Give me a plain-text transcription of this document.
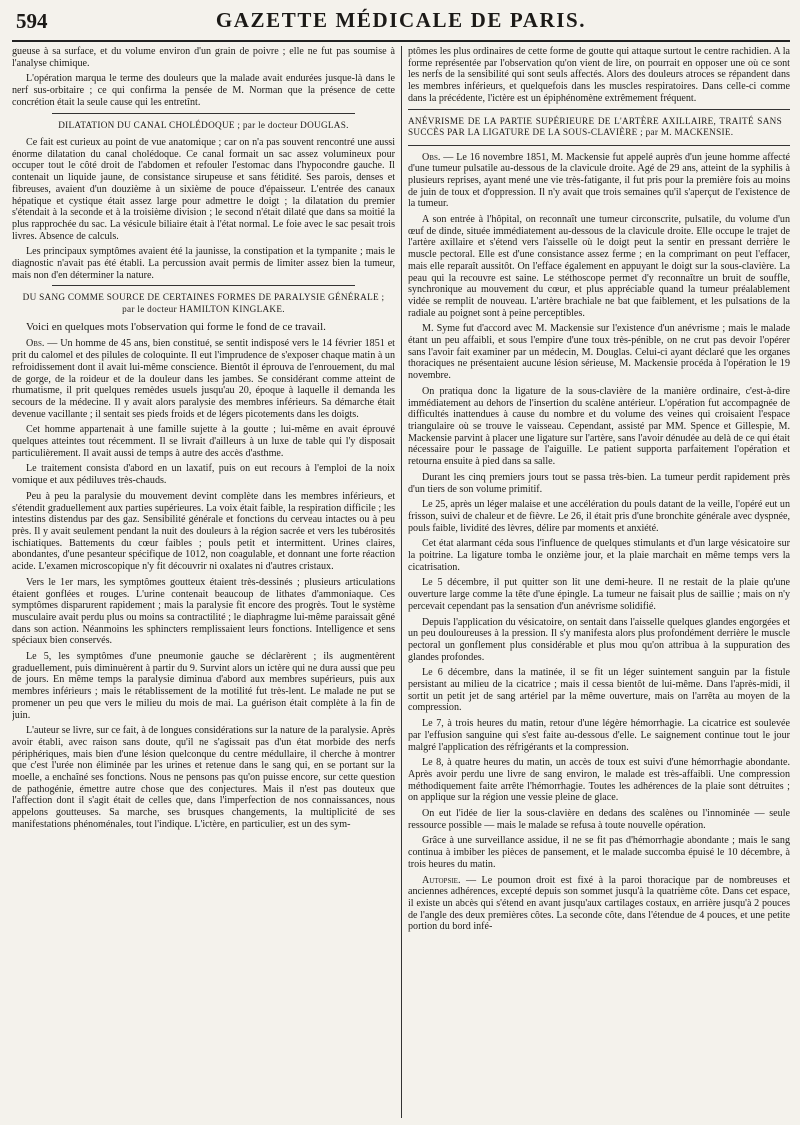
594	GAZETTE MÉDICALE DE PARIS.

gueuse à sa surface, et du volume environ d'un grain de poivre ; elle ne fut pas soumise à l'analyse chimique.

L'opération marqua le terme des douleurs que la malade avait endurées jusque-là dans le nerf sus-orbitaire ; ce qui confirma la pensée de M. Norman que la présence de cette concrétion était la seule cause qui les entretînt.

DILATATION DU CANAL CHOLÉDOQUE ; par le docteur DOUGLAS.

Ce fait est curieux au point de vue anatomique ; car on n'a pas souvent rencontré une aussi énorme dilatation du canal cholédoque. Ce canal formait un sac assez volumineux pour occuper tout le côté droit de l'abdomen et refouler l'estomac dans l'hypocondre gauche. Il contenait un liquide jaune, de consistance sirupeuse et sans fétidité. Ses parois, denses et fibreuses, avaient d'un douzième à un sixième de pouce d'épaisseur. L'entrée des canaux hépatique et cystique était assez large pour admettre le doigt ; la dilatation du premier s'étendait à la seconde et à la troisième division ; le second n'était dilaté que dans sa moitié la plus rapprochée du sac. La vésicule biliaire était à l'état normal. Le foie avec le sac pesait trois livres. Absence de calculs.

Les principaux symptômes avaient été la jaunisse, la constipation et la tympanite ; mais le diagnostic n'avait pas été établi. La percussion avait permis de limiter assez bien la tumeur, mais non d'en déterminer la nature.

DU SANG COMME SOURCE DE CERTAINES FORMES DE PARALYSIE GÉNÉRALE ; par le docteur HAMILTON KINGLAKE.

Voici en quelques mots l'observation qui forme le fond de ce travail.

Obs. — Un homme de 45 ans, bien constitué, se sentit indisposé vers le 14 février 1851 et prit du calomel et des pilules de coloquinte. Il eut l'imprudence de s'exposer chaque matin à un refroidissement dont il avait lui-même conscience. Bientôt il éprouva de l'enrouement, du mal de gorge, de la roideur et de la douleur dans les jambes. Se considérant comme atteint de rhumatisme, il prit quelques remèdes usuels jusqu'au 20, époque à laquelle il demanda les secours de la médecine. Il y avait alors paralysie des membres inférieurs. Sa démarche était devenue vacillante ; il sentait ses pieds froids et de légers picotements dans les doigts.

Cet homme appartenait à une famille sujette à la goutte ; lui-même en avait éprouvé quelques atteintes tout récemment. Il se livrait d'ailleurs à un luxe de table qui l'y disposait particulièrement. Il avait aussi de temps à autre des accès d'asthme.

Le traitement consista d'abord en un laxatif, puis on eut recours à l'emploi de la noix vomique et aux pédiluves très-chauds.

Peu à peu la paralysie du mouvement devint complète dans les membres inférieurs, et s'étendit graduellement aux parties supérieures. La voix était faible, la respiration difficile ; les intestins distendus par des gaz. Sensibilité générale et fonctions du cerveau intactes ou à peu près. Il y avait seulement pendant la nuit des douleurs à la région sacrée et vers les tubérosités ischiatiques. Battements du cœur faibles ; pouls petit et intermittent. Urines claires, abondantes, d'une pesanteur spécifique de 1012, non coagulable, et donnant une forte réaction acide. L'examen microscopique n'y fit découvrir ni oxalates ni d'autres cristaux.

Vers le 1er mars, les symptômes goutteux étaient très-dessinés ; plusieurs articulations étaient gonflées et rouges. L'urine contenait beaucoup de lithates d'ammoniaque. Ces symptômes disparurent rapidement ; mais la paralysie fit encore des progrès. Tout le système musculaire avait perdu plus ou moins sa contractilité ; le diaphragme lui-même paraissait gêné dans son action. Néanmoins les sphincters remplissaient leurs fonctions. Intelligence et sens spéciaux bien conservés.

Le 5, les symptômes d'une pneumonie gauche se déclarèrent ; ils augmentèrent graduellement, puis diminuèrent à partir du 9. Survint alors un ictère qui ne dura aussi que peu de jours. En même temps la paralysie diminua d'abord aux membres supérieurs, puis aux membres inférieurs ; mais le rétablissement de la motilité fut très-lent. Le malade ne put se promener un peu que vers le milieu du mois de mai. La guérison était complète à la fin de juin.

L'auteur se livre, sur ce fait, à de longues considérations sur la nature de la paralysie. Après avoir établi, avec raison sans doute, qu'il ne s'agissait pas d'un état morbide des nerfs périphériques, mais bien d'une lésion quelconque du centre médullaire, il cherche à montrer que c'est l'urée non éliminée par les urines et retenue dans le sang qui, en se portant sur la moelle, a enchaîné ses fonctions. Nous ne pensons pas qu'on puisse encore, sur cette question de pathogénie, émettre autre chose que des conjectures. Mais il n'est pas douteux que l'affection dont il s'agit était de celles que, dans l'imperfection de nos connaissances, nous appelons goutteuses. Sa marche, ses brusques changements, la multiplicité de ses manifestations phénoménales, tout l'indique. L'ictère, en particulier, est un des sym-

ptômes les plus ordinaires de cette forme de goutte qui attaque surtout le centre rachidien. A la forme représentée par l'observation qu'on vient de lire, on pourrait en opposer une où ce sont les nerfs de la sensibilité qui sont seuls affectés. Alors des douleurs atroces se répandent dans les membres inférieurs, et quelquefois dans les muscles respiratoires. Dans celle-ci comme dans la précédente, l'ictère est un épiphénomène extrêmement fréquent.

ANÉVRISME DE LA PARTIE SUPÉRIEURE DE L'ARTÈRE AXILLAIRE, TRAITÉ SANS SUCCÈS PAR LA LIGATURE DE LA SOUS-CLAVIÈRE ; par M. MACKENSIE.

Obs. — Le 16 novembre 1851, M. Mackensie fut appelé auprès d'un jeune homme affecté d'une tumeur pulsatile au-dessous de la clavicule droite. Agé de 29 ans, atteint de la syphilis à plusieurs reprises, ayant mené une vie très-fatigante, il fut pris pour la première fois au moins de juin de toux et d'oppression. Il n'y avait que trois semaines qu'il s'aperçut de l'existence de la tumeur.

A son entrée à l'hôpital, on reconnaît une tumeur circonscrite, pulsatile, du volume d'un œuf de dinde, située immédiatement au-dessous de la clavicule droite. Elle occupe le trajet de l'artère axillaire et s'étend vers l'aisselle où le doigt peut la sentir en pressant derrière le muscle pectoral. Elle est d'une consistance assez ferme ; en la comprimant on peut l'effacer, mais elle reparaît aussitôt. On l'efface également en appuyant le doigt sur la sous-clavière. La peau qui la recouvre est saine. Le stéthoscope permet d'y reconnaître un bruit de souffle, synchronique au mouvement du cœur, et plus appréciable quand la tumeur préalablement vidée se remplit de nouveau. L'artère brachiale ne bat que faiblement, et les pulsations de la radiale au poignet sont à peine perceptibles.

M. Syme fut d'accord avec M. Mackensie sur l'existence d'un anévrisme ; mais le malade étant un peu affaibli, et sous l'empire d'une toux très-pénible, on ne crut pas devoir l'opérer sans l'avoir fait examiner par un médecin, M. Douglas. Celui-ci ayant déclaré que les organes thoraciques ne présentaient aucune lésion sérieuse, M. Mackensie procéda à l'opération le 19 novembre.

On pratiqua donc la ligature de la sous-clavière de la manière ordinaire, c'est-à-dire immédiatement au dehors de l'insertion du scalène antérieur. L'opération fut accompagnée de difficultés inattendues à cause du nombre et du volume des veines qui croisaient l'espace triangulaire où se trouve le vaisseau. Cependant, assisté par MM. Spence et Gillespie, M. Mackensie parvint à placer une ligature sur l'artère, sans l'avoir dénudée au delà de ce qui était nécessaire pour le passage de l'aiguille. Le patient supporta parfaitement l'opération et retourna ensuite à pied dans sa salle.

Durant les cinq premiers jours tout se passa très-bien. La tumeur perdit rapidement près d'un tiers de son volume primitif.

Le 25, après un léger malaise et une accélération du pouls datant de la veille, l'opéré eut un frisson, suivi de chaleur et de fièvre. Le 26, il était pris d'une bronchite générale avec dyspnée, pouls faible, lividité des lèvres, délire par moments et anxiété.

Cet état alarmant céda sous l'influence de quelques stimulants et d'un large vésicatoire sur la poitrine. La ligature tomba le onzième jour, et la plaie marchait en même temps vers la cicatrisation.

Le 5 décembre, il put quitter son lit une demi-heure. Il ne restait de la plaie qu'une ouverture large comme la tête d'une épingle. La tumeur ne faisait plus de saillie ; mais on n'y percevait cependant pas la sensation d'un anévrisme solidifié.

Depuis l'application du vésicatoire, on sentait dans l'aisselle quelques glandes engorgées et un peu douloureuses à la pression. Il s'y manifesta alors plus profondément derrière le muscle pectoral un gonflement plus considérable et plus mou qu'on attribua à la suppuration des glandes profondes.

Le 6 décembre, dans la matinée, il se fit un léger suintement sanguin par la fistule persistant au milieu de la cicatrice ; mais il cessa bientôt de lui-même. Dans l'après-midi, il sortit un petit jet de sang artériel par la même ouverture, mais on l'arrêta au moyen de la compression.

Le 7, à trois heures du matin, retour d'une légère hémorrhagie. La cicatrice est soulevée par l'effusion sanguine qui s'est faite au-dessous d'elle. Le saignement continue tout le jour malgré l'application des réfrigérants et la compression.

Le 8, à quatre heures du matin, un accès de toux est suivi d'une hémorrhagie abondante. Après avoir perdu une livre de sang environ, le malade est très-affaibli. Une compression méthodiquement faite arrête l'hémorrhagie. Toutes les adhérences de la plaie sont détruites ; on applique sur la région une vessie pleine de glace.

On eut l'idée de lier la sous-clavière en dedans des scalènes ou l'innominée — seule ressource possible — mais le malade se refusa à toute nouvelle opération.

Grâce à une surveillance assidue, il ne se fit pas d'hémorrhagie abondante ; mais le sang continua à imbiber les pièces de pansement, et le malade succomba épuisé le 10 décembre, à trois heures du matin.

Autopsie. — Le poumon droit est fixé à la paroi thoracique par de nombreuses et anciennes adhérences, excepté depuis son sommet jusqu'à la quatrième côte. Dans cet espace, il existe un abcès qui s'étend en avant jusqu'aux cartilages costaux, en arrière jusqu'à 2 pouces de l'angle des deux premières côtes. La seconde côte, dans l'étendue de 4 pouces, et une petite portion du bord infé-
